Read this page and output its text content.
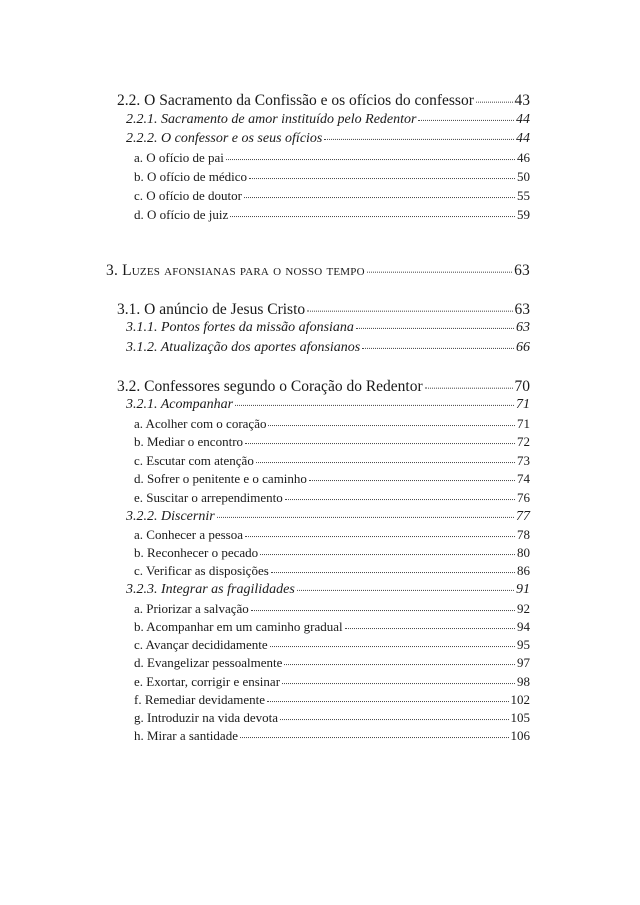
2.2. O Sacramento da Confissão e os ofícios do confessor	43
2.2.1. Sacramento de amor instituído pelo Redentor	44
2.2.2. O confessor e os seus ofícios	44
a. O ofício de pai	46
b. O ofício de médico	50
c. O ofício de doutor	55
d. O ofício de juiz	59
3. Luzes afonsianas para o nosso tempo	63
3.1. O anúncio de Jesus Cristo	63
3.1.1. Pontos fortes da missão afonsiana	63
3.1.2. Atualização dos aportes afonsianos	66
3.2. Confessores segundo o Coração do Redentor	70
3.2.1. Acompanhar	71
a. Acolher com o coração	71
b. Mediar o encontro	72
c. Escutar com atenção	73
d. Sofrer o penitente e o caminho	74
e. Suscitar o arrependimento	76
3.2.2. Discernir	77
a. Conhecer a pessoa	78
b. Reconhecer o pecado	80
c. Verificar as disposições	86
3.2.3. Integrar as fragilidades	91
a. Priorizar a salvação	92
b. Acompanhar em um caminho gradual	94
c. Avançar decididamente	95
d. Evangelizar pessoalmente	97
e. Exortar, corrigir e ensinar	98
f. Remediar devidamente	102
g. Introduzir na vida devota	105
h. Mirar a santidade	106
